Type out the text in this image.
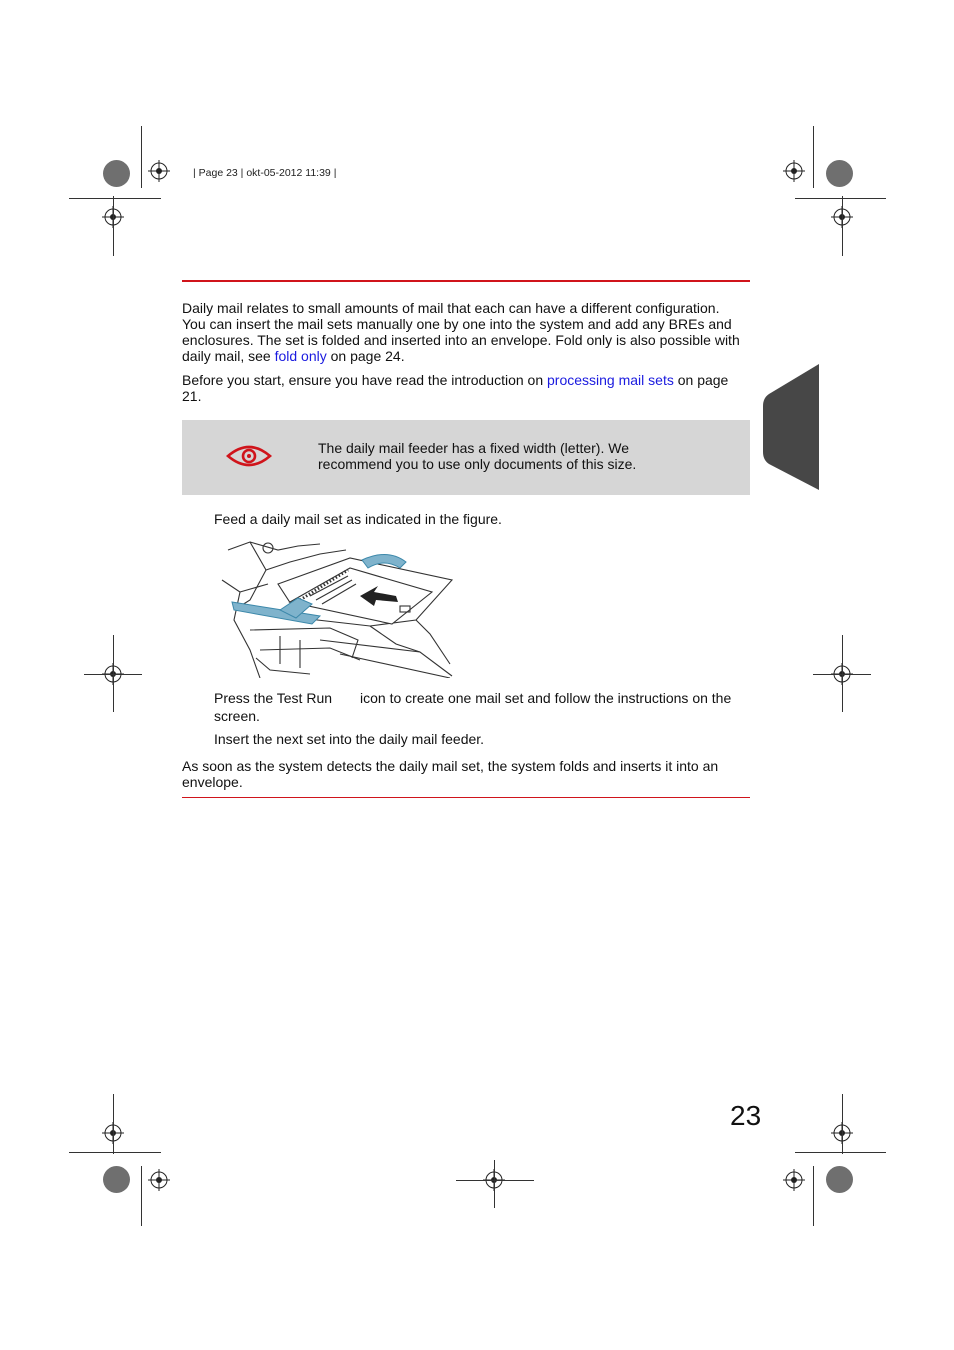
| Page 23 | okt-05-2012 11:39 |
Daily mail relates to small amounts of mail that each can have a different configuration.
You can insert the mail sets manually one by one into the system and add any BREs and
enclosures. The set is folded and inserted into an envelope. Fold only is also possible with
daily mail, see fold only on page 24.
Before you start, ensure you have read the introduction on processing mail sets on page
21.
The daily mail feeder has a fixed width (letter). We
recommend you to use only documents of this size.
Feed a daily mail set as indicated in the figure.
Press the Test Run icon to create one mail set and follow the instructions on the
screen.
Insert the next set into the daily mail feeder.
As soon as the system detects the daily mail set, the system folds and inserts it into an
envelope.
23
